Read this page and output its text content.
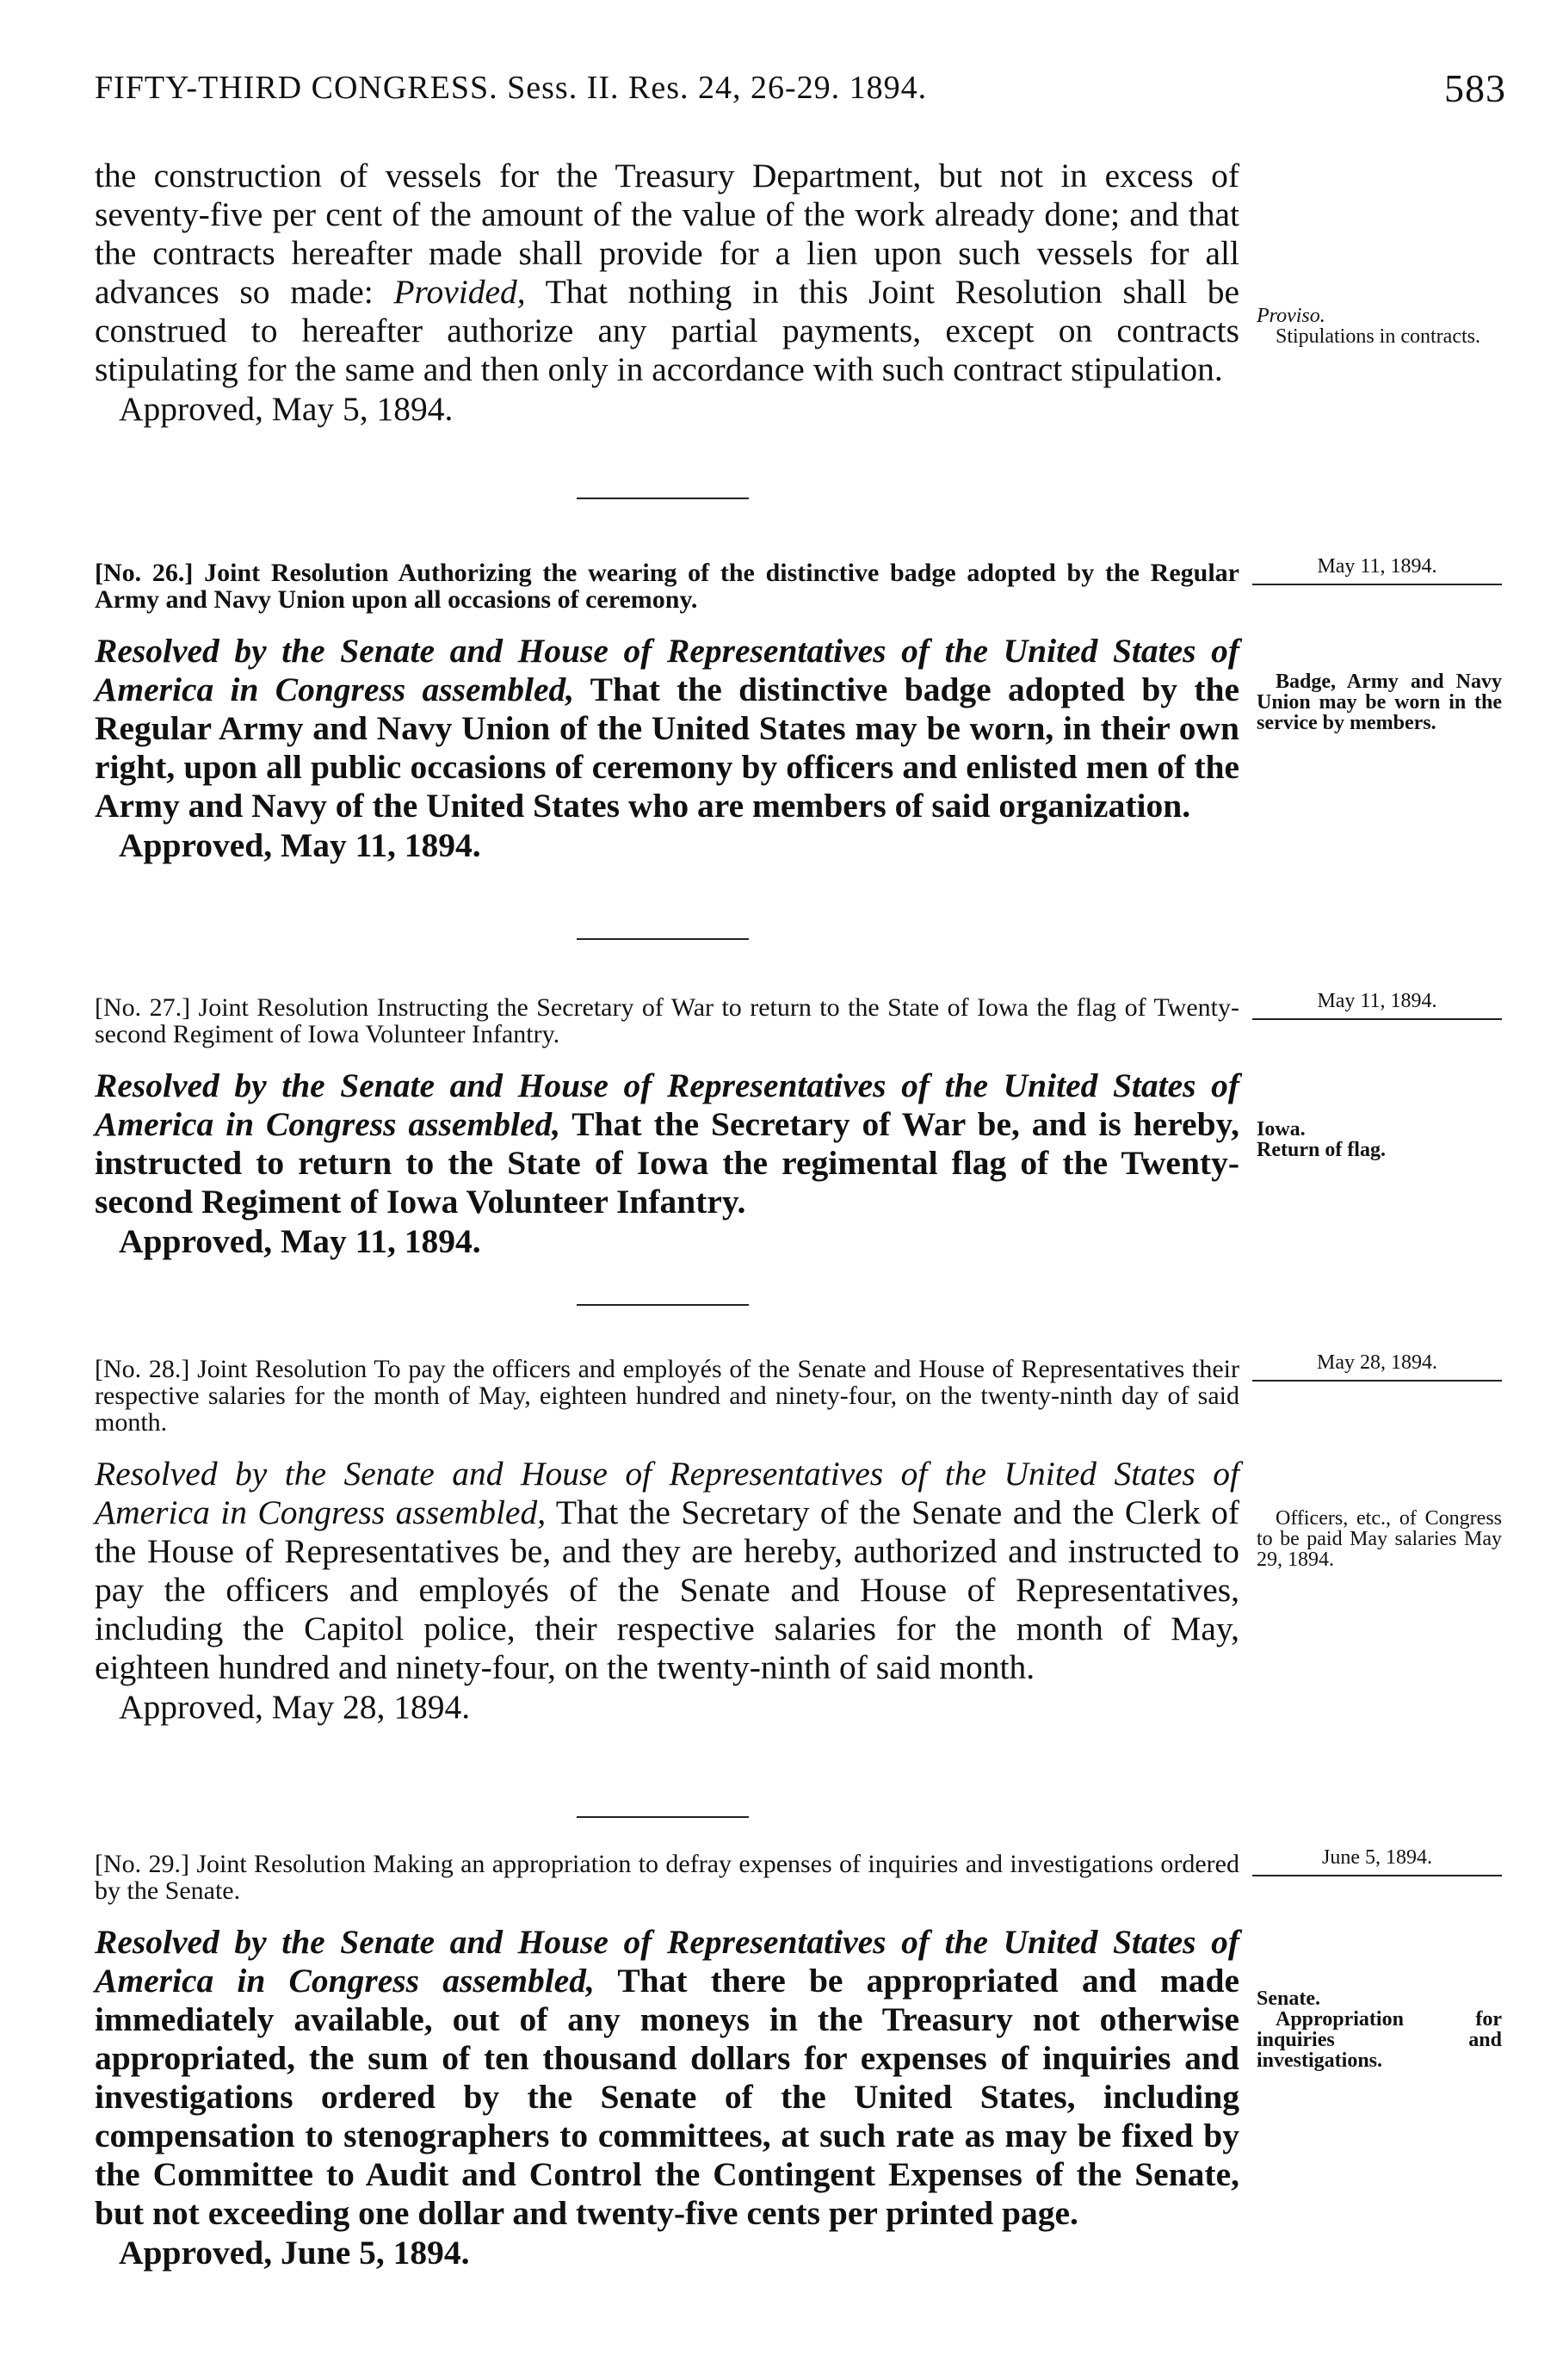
FIFTY-THIRD CONGRESS. Sess. II. Res. 24, 26-29. 1894.	583

the construction of vessels for the Treasury Department, but not in excess of seventy-five per cent of the amount of the value of the work already done; and that the contracts hereafter made shall provide for a lien upon such vessels for all advances so made: Provided, That nothing in this Joint Resolution shall be construed to hereafter authorize any partial payments, except on contracts stipulating for the same and then only in accordance with such contract stipulation.

Approved, May 5, 1894.

Proviso.
Stipulations in contracts.

[No. 26.] Joint Resolution Authorizing the wearing of the distinctive badge adopted by the Regular Army and Navy Union upon all occasions of ceremony.

Resolved by the Senate and House of Representatives of the United States of America in Congress assembled, That the distinctive badge adopted by the Regular Army and Navy Union of the United States may be worn, in their own right, upon all public occasions of ceremony by officers and enlisted men of the Army and Navy of the United States who are members of said organization.

Approved, May 11, 1894.

May 11, 1894.
Badge, Army and Navy Union may be worn in the service by members.

[No. 27.] Joint Resolution Instructing the Secretary of War to return to the State of Iowa the flag of Twenty-second Regiment of Iowa Volunteer Infantry.

Resolved by the Senate and House of Representatives of the United States of America in Congress assembled, That the Secretary of War be, and is hereby, instructed to return to the State of Iowa the regimental flag of the Twenty-second Regiment of Iowa Volunteer Infantry.

Approved, May 11, 1894.

May 11, 1894.
Iowa.
Return of flag.

[No. 28.] Joint Resolution To pay the officers and employés of the Senate and House of Representatives their respective salaries for the month of May, eighteen hundred and ninety-four, on the twenty-ninth day of said month.

Resolved by the Senate and House of Representatives of the United States of America in Congress assembled, That the Secretary of the Senate and the Clerk of the House of Representatives be, and they are hereby, authorized and instructed to pay the officers and employés of the Senate and House of Representatives, including the Capitol police, their respective salaries for the month of May, eighteen hundred and ninety-four, on the twenty-ninth of said month.

Approved, May 28, 1894.

May 28, 1894.
Officers, etc., of Congress to be paid May salaries May 29, 1894.

[No. 29.] Joint Resolution Making an appropriation to defray expenses of inquiries and investigations ordered by the Senate.

Resolved by the Senate and House of Representatives of the United States of America in Congress assembled, That there be appropriated and made immediately available, out of any moneys in the Treasury not otherwise appropriated, the sum of ten thousand dollars for expenses of inquiries and investigations ordered by the Senate of the United States, including compensation to stenographers to committees, at such rate as may be fixed by the Committee to Audit and Control the Contingent Expenses of the Senate, but not exceeding one dollar and twenty-five cents per printed page.

Approved, June 5, 1894.

June 5, 1894.
Senate.
Appropriation for inquiries and investigations.
